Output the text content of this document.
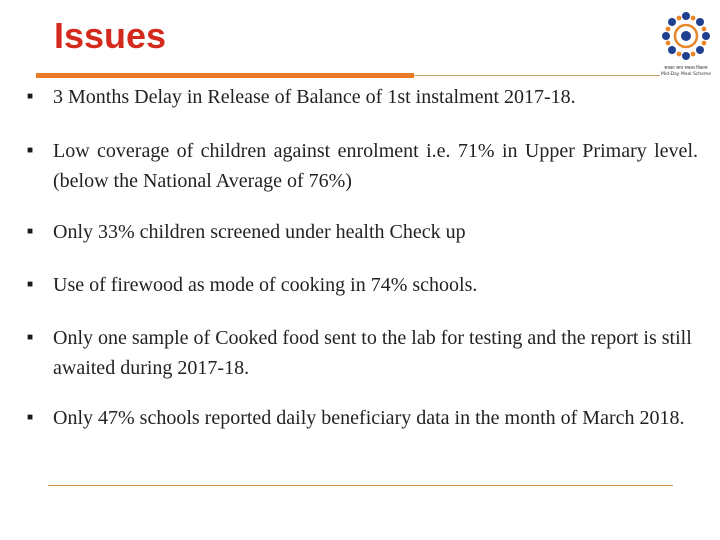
Issues
सबका साथ सबका विकास
Mid-Day Meal Scheme
■

3 Months Delay in Release of Balance of 1st instalment 2017-18.

■

Low coverage of children against enrolment i.e. 71% in Upper Primary level. (below the National Average of 76%)

■

Only 33% children screened under health Check up

■

Use of firewood as mode of cooking in 74% schools.

■

Only one sample of Cooked food sent to the lab for testing and the report is still awaited during 2017-18.

■

Only 47% schools reported daily beneficiary data in the month of March 2018.
